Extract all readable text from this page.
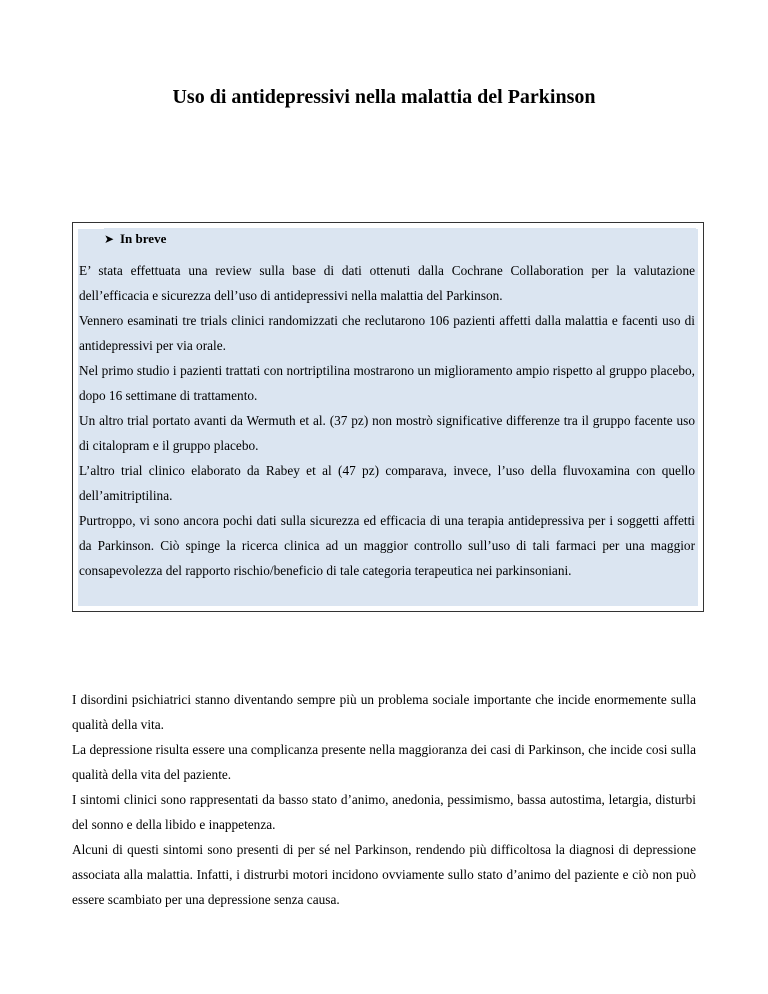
Uso di antidepressivi nella malattia del Parkinson
➤ In breve

E’ stata effettuata una review sulla base di dati ottenuti dalla Cochrane Collaboration per la valutazione dell’efficacia e sicurezza dell’uso di antidepressivi nella malattia del Parkinson.

Vennero esaminati tre trials clinici randomizzati che reclutarono 106 pazienti affetti dalla malattia e facenti uso di antidepressivi per via orale.

Nel primo studio i pazienti trattati con nortriptilina mostrarono un miglioramento ampio rispetto al gruppo placebo, dopo 16 settimane di trattamento.

Un altro trial portato avanti da Wermuth et al. (37 pz) non mostrò significative differenze tra il gruppo facente uso di citalopram e il gruppo placebo.

L’altro trial clinico elaborato da Rabey et al (47 pz) comparava, invece, l’uso della fluvoxamina con quello dell’amitriptilina.

Purtroppo, vi sono ancora pochi dati sulla sicurezza ed efficacia di una terapia antidepressiva per i soggetti affetti da Parkinson. Ciò spinge la ricerca clinica ad un maggior controllo sull’uso di tali farmaci per una maggior consapevolezza del rapporto rischio/beneficio di tale categoria terapeutica nei parkinsoniani.

I disordini psichiatrici stanno diventando sempre più un problema sociale importante che incide enormemente sulla qualità della vita.

La depressione risulta essere una complicanza presente nella maggioranza dei casi di Parkinson, che incide cosi sulla qualità della vita del paziente.

I sintomi clinici sono rappresentati da basso stato d’animo, anedonia, pessimismo, bassa autostima, letargia, disturbi del sonno e della libido e inappetenza.

Alcuni di questi sintomi sono presenti di per sé nel Parkinson, rendendo più difficoltosa la diagnosi di depressione associata alla malattia. Infatti, i distrurbi motori incidono ovviamente sullo stato d’animo del paziente e ciò non può essere scambiato per una depressione senza causa.
